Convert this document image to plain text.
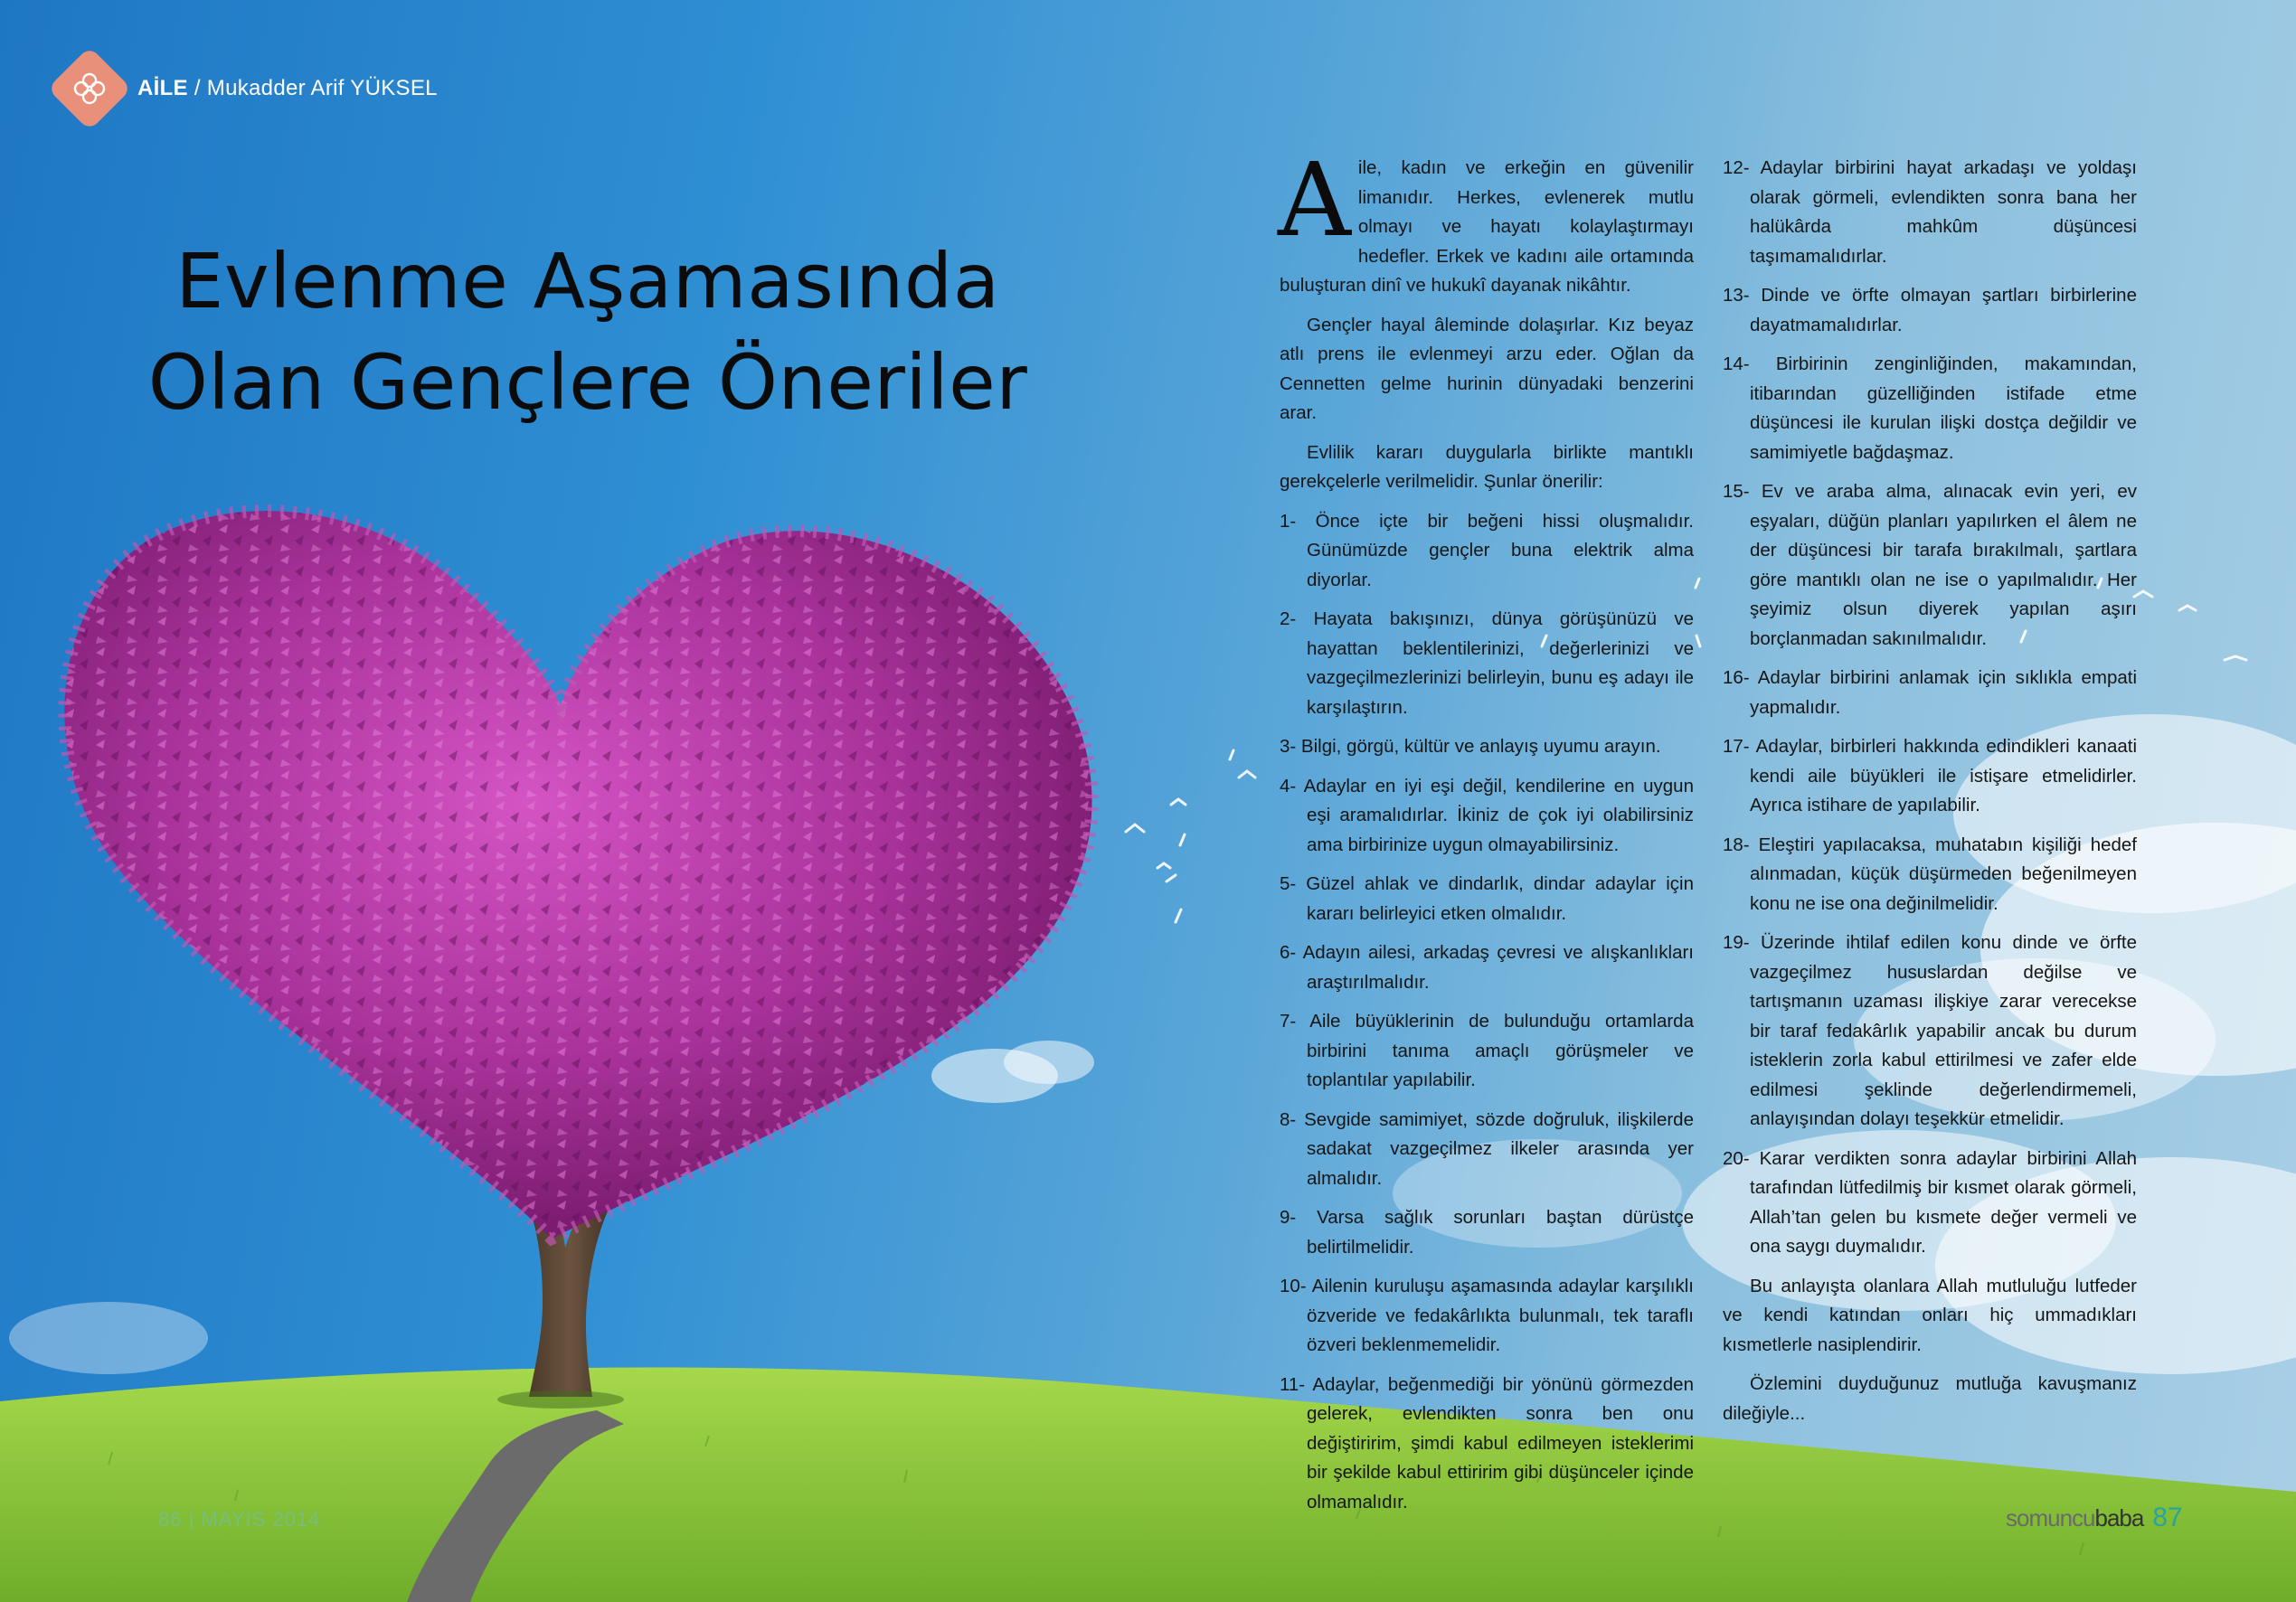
AİLE / Mukadder Arif YÜKSEL
Evlenme Aşamasında
Olan Gençlere Öneriler

Aile, kadın ve erkeğin en güvenilir limanıdır. Herkes, evlenerek mutlu olmayı ve hayatı kolaylaştırmayı hedefler. Erkek ve kadını aile ortamında buluşturan dinî ve hukukî dayanak nikâhtır.

Gençler hayal âleminde dolaşırlar. Kız beyaz atlı prens ile evlenmeyi arzu eder. Oğlan da Cennetten gelme hurinin dünyadaki benzerini arar.

Evlilik kararı duygularla birlikte mantıklı gerekçelerle verilmelidir. Şunlar önerilir:

1- Önce içte bir beğeni hissi oluşmalıdır. Günümüzde gençler buna elektrik alma diyorlar.

2- Hayata bakışınızı, dünya görüşünüzü ve hayattan beklentilerinizi, değerlerinizi ve vazgeçilmezlerinizi belirleyin, bunu eş adayı ile karşılaştırın.

3- Bilgi, görgü, kültür ve anlayış uyumu arayın.

4- Adaylar en iyi eşi değil, kendilerine en uygun eşi aramalıdırlar. İkiniz de çok iyi olabilirsiniz ama birbirinize uygun olmayabilirsiniz.

5- Güzel ahlak ve dindarlık, dindar adaylar için kararı belirleyici etken olmalıdır.

6- Adayın ailesi, arkadaş çevresi ve alışkanlıkları araştırılmalıdır.

7- Aile büyüklerinin de bulunduğu ortamlarda birbirini tanıma amaçlı görüşmeler ve toplantılar yapılabilir.

8- Sevgide samimiyet, sözde doğruluk, ilişkilerde sadakat vazgeçilmez ilkeler arasında yer almalıdır.

9- Varsa sağlık sorunları baştan dürüstçe belirtilmelidir.

10- Ailenin kuruluşu aşamasında adaylar karşılıklı özveride ve fedakârlıkta bulunmalı, tek taraflı özveri beklenmemelidir.

11- Adaylar, beğenmediği bir yönünü görmezden gelerek, evlendikten sonra ben onu değiştiririm, şimdi kabul edilmeyen isteklerimi bir şekilde kabul ettiririm gibi düşünceler içinde olmamalıdır.

12- Adaylar birbirini hayat arkadaşı ve yoldaşı olarak görmeli, evlendikten sonra bana her halükârda mahkûm düşüncesi taşımamalıdırlar.

13- Dinde ve örfte olmayan şartları birbirlerine dayatmamalıdırlar.

14- Birbirinin zenginliğinden, makamından, itibarından güzelliğinden istifade etme düşüncesi ile kurulan ilişki dostça değildir ve samimiyetle bağdaşmaz.

15- Ev ve araba alma, alınacak evin yeri, ev eşyaları, düğün planları yapılırken el âlem ne der düşüncesi bir tarafa bırakılmalı, şartlara göre mantıklı olan ne ise o yapılmalıdır. Her şeyimiz olsun diyerek yapılan aşırı borçlanmadan sakınılmalıdır.

16- Adaylar birbirini anlamak için sıklıkla empati yapmalıdır.

17- Adaylar, birbirleri hakkında edindikleri kanaati kendi aile büyükleri ile istişare etmelidirler. Ayrıca istihare de yapılabilir.

18- Eleştiri yapılacaksa, muhatabın kişiliği hedef alınmadan, küçük düşürmeden beğenilmeyen konu ne ise ona değinilmelidir.

19- Üzerinde ihtilaf edilen konu dinde ve örfte vazgeçilmez hususlardan değilse ve tartışmanın uzaması ilişkiye zarar verecekse bir taraf fedakârlık yapabilir ancak bu durum isteklerin zorla kabul ettirilmesi ve zafer elde edilmesi şeklinde değerlendirmemeli, anlayışından dolayı teşekkür etmelidir.

20- Karar verdikten sonra adaylar birbirini Allah tarafından lütfedilmiş bir kısmet olarak görmeli, Allah’tan gelen bu kısmete değer vermeli ve ona saygı duymalıdır.

Bu anlayışta olanlara Allah mutluluğu lutfeder ve kendi katından onları hiç ummadıkları kısmetlerle nasiplendirir.

Özlemini duyduğunuz mutluğa kavuşmanız dileğiyle...

86 | MAYIS 2014	somuncubaba 87
